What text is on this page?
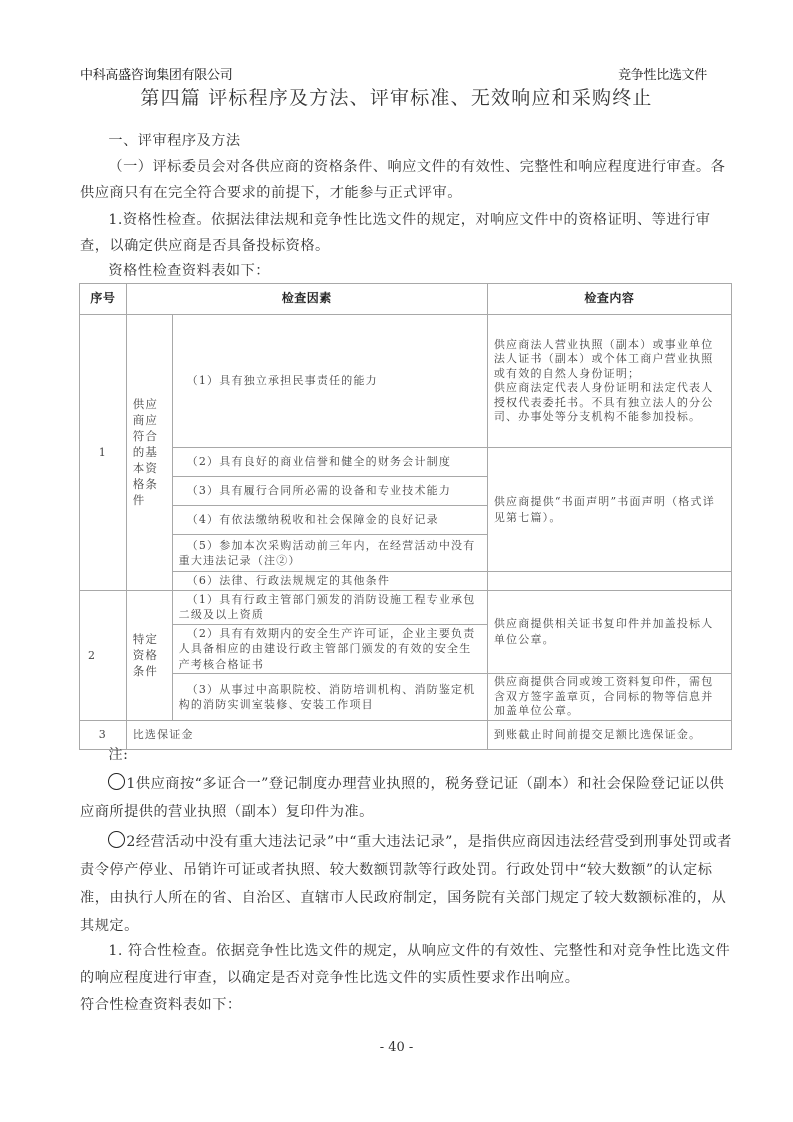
中科高盛咨询集团有限公司	竞争性比选文件
第四篇 评标程序及方法、评审标准、无效响应和采购终止
一、评审程序及方法
（一）评标委员会对各供应商的资格条件、响应文件的有效性、完整性和响应程度进行审查。各供应商只有在完全符合要求的前提下，才能参与正式评审。
1.资格性检查。依据法律法规和竞争性比选文件的规定，对响应文件中的资格证明、等进行审查，以确定供应商是否具备投标资格。
资格性检查资料表如下：
序号	检查因素		检查内容
1	供应商应符合的基本资格条件	（1）具有独立承担民事责任的能力	供应商法人营业执照（副本）或事业单位法人证书（副本）或个体工商户营业执照或有效的自然人身份证明；
供应商法定代表人身份证明和法定代表人授权代表委托书。不具有独立法人的分公司、办事处等分支机构不能参加投标。
		（2）具有良好的商业信誉和健全的财务会计制度	供应商提供“书面声明”书面声明（格式详见第七篇）。
		（3）具有履行合同所必需的设备和专业技术能力	
		（4）有依法缴纳税收和社会保障金的良好记录	
		（5）参加本次采购活动前三年内，在经营活动中没有重大违法记录（注②）	
		（6）法律、行政法规规定的其他条件	
2	特定资格条件	（1）具有行政主管部门颁发的消防设施工程专业承包二级及以上资质	供应商提供相关证书复印件并加盖投标人单位公章。
		（2）具有有效期内的安全生产许可证，企业主要负责人具备相应的由建设行政主管部门颁发的有效的安全生产考核合格证书	
		（3）从事过中高职院校、消防培训机构、消防鉴定机构的消防实训室装修、安装工作项目	供应商提供合同或竣工资料复印件，需包含双方签字盖章页，合同标的物等信息并加盖单位公章。
3	比选保证金		到账截止时间前提交足额比选保证金。
注:
1供应商按“多证合一”登记制度办理营业执照的，税务登记证（副本）和社会保险登记证以供应商所提供的营业执照（副本）复印件为准。
2经营活动中没有重大违法记录”中“重大违法记录”，是指供应商因违法经营受到刑事处罚或者责令停产停业、吊销许可证或者执照、较大数额罚款等行政处罚。行政处罚中“较大数额”的认定标准，由执行人所在的省、自治区、直辖市人民政府制定，国务院有关部门规定了较大数额标准的，从其规定。
1. 符合性检查。依据竞争性比选文件的规定，从响应文件的有效性、完整性和对竞争性比选文件的响应程度进行审查，以确定是否对竞争性比选文件的实质性要求作出响应。
符合性检查资料表如下：
- 40 -
